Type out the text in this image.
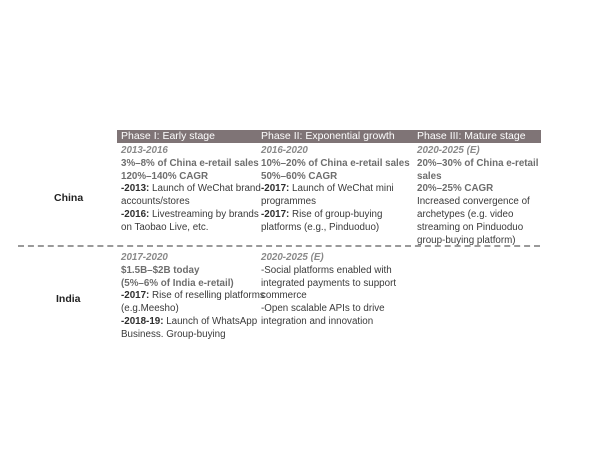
Phase I: Early stage	Phase II: Exponential growth Phase III: Mature stage
China

2013-2016

3%–8% of China e-retail sales

120%–140% CAGR

-2013: Launch of WeChat brand

accounts/stores

-2016: Livestreaming by brands

on Taobao Live, etc.

2016-2020

10%–20% of China e-retail sales

50%–60% CAGR

-2017: Launch of WeChat mini

programmes

-2017: Rise of group-buying

platforms (e.g., Pinduoduo)

2020-2025 (E)

20%–30% of China e-retail

sales

20%–25% CAGR

Increased convergence of

archetypes (e.g. video

streaming on Pinduoduo

group-buying platform)

India

2017-2020

$1.5B–$2B today

(5%–6% of India e-retail)

-2017: Rise of reselling platforms

(e.g.Meesho)

-2018-19: Launch of WhatsApp

Business. Group-buying

2020-2025 (E)

-Social platforms enabled with

integrated payments to support

commerce

-Open scalable APIs to drive

integration and innovation
